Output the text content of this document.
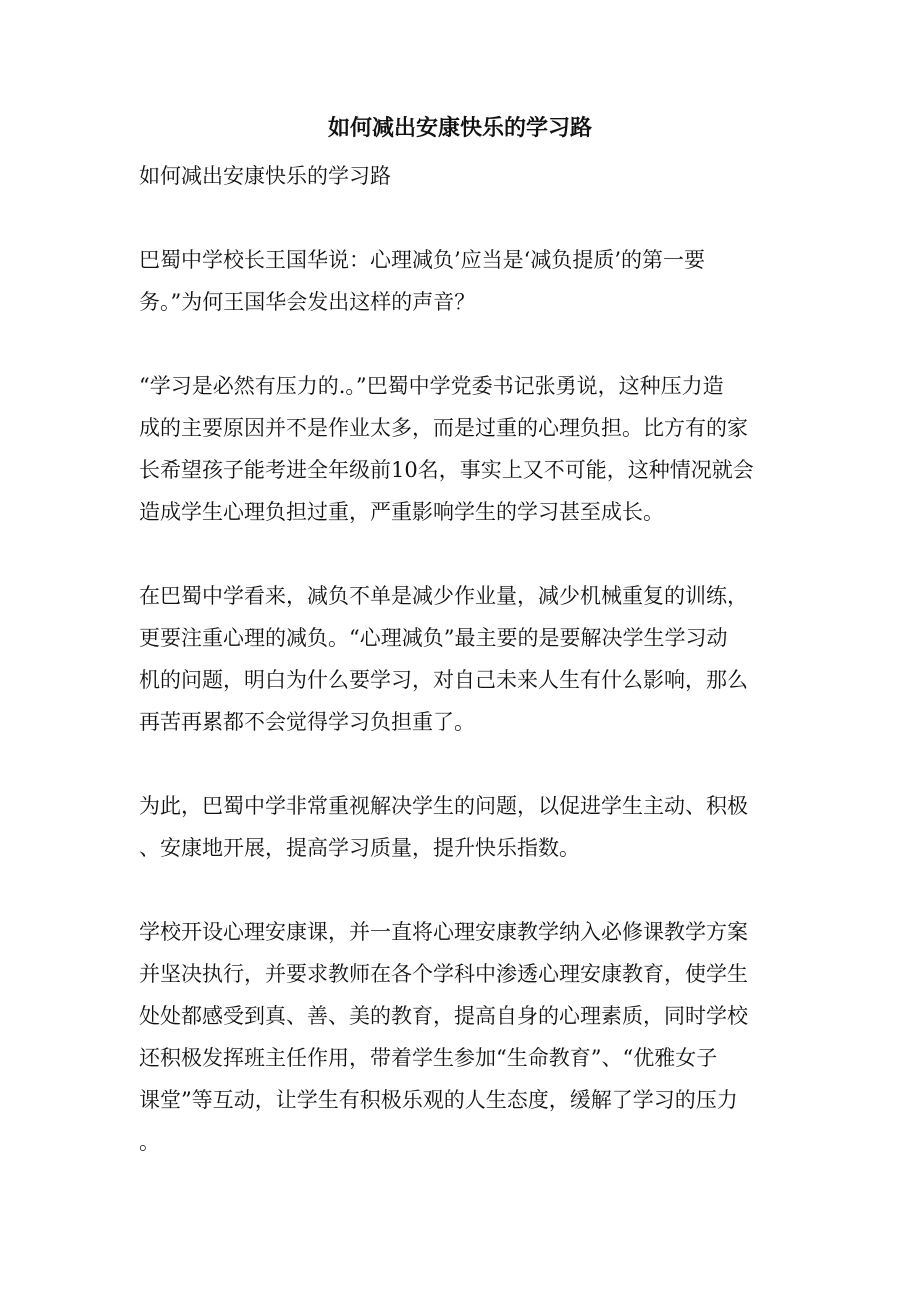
如何减出安康快乐的学习路

如何减出安康快乐的学习路

巴蜀中学校长王国华说：心理减负’应当是‘减负提质’的第一要
务。”为何王国华会发出这样的声音？

“学习是必然有压力的.。”巴蜀中学党委书记张勇说，这种压力造
成的主要原因并不是作业太多，而是过重的心理负担。比方有的家
长希望孩子能考进全年级前10名，事实上又不可能，这种情况就会
造成学生心理负担过重，严重影响学生的学习甚至成长。

在巴蜀中学看来，减负不单是减少作业量，减少机械重复的训练，
更要注重心理的减负。“心理减负”最主要的是要解决学生学习动
机的问题，明白为什么要学习，对自己未来人生有什么影响，那么
再苦再累都不会觉得学习负担重了。

为此，巴蜀中学非常重视解决学生的问题，以促进学生主动、积极
、安康地开展，提高学习质量，提升快乐指数。

学校开设心理安康课，并一直将心理安康教学纳入必修课教学方案
并坚决执行，并要求教师在各个学科中渗透心理安康教育，使学生
处处都感受到真、善、美的教育，提高自身的心理素质，同时学校
还积极发挥班主任作用，带着学生参加“生命教育”、“优雅女子
课堂”等互动，让学生有积极乐观的人生态度，缓解了学习的压力
。
